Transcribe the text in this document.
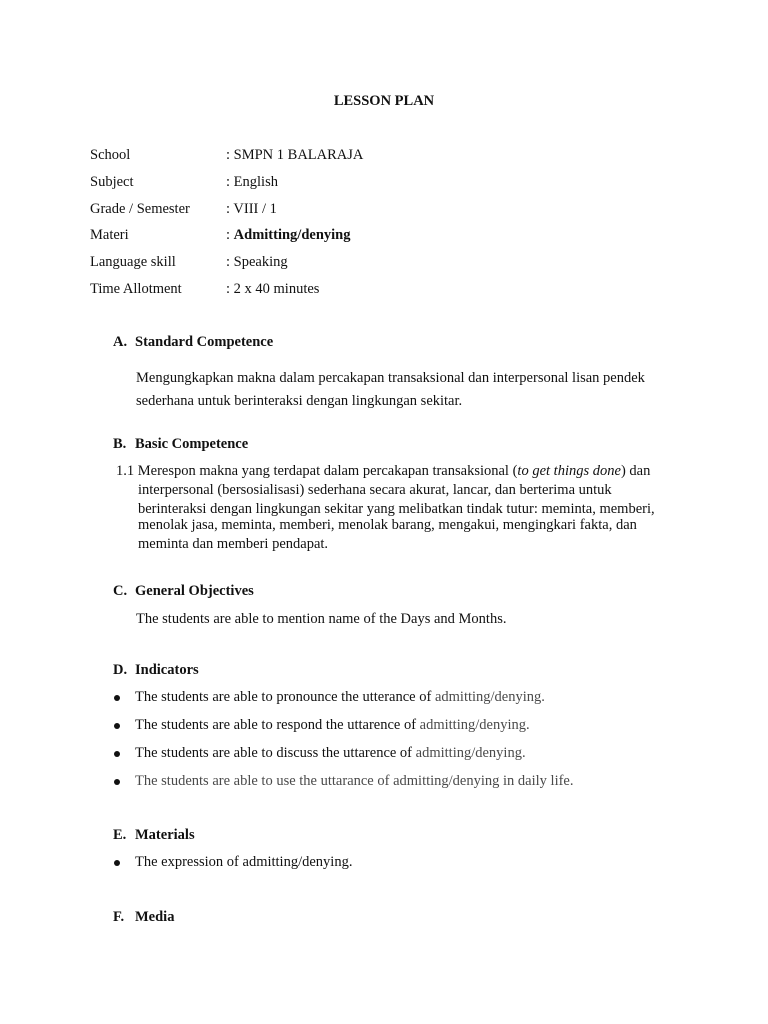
LESSON PLAN
School	: SMPN 1 BALARAJA
Subject	: English
Grade / Semester : VIII / 1
Materi	: Admitting/denying
Language skill	: Speaking
Time Allotment	: 2 x 40 minutes
A. Standard Competence
Mengungkapkan makna dalam percakapan transaksional dan interpersonal lisan pendek
sederhana untuk berinteraksi dengan lingkungan sekitar.
B. Basic Competence
1.1 Merespon makna yang terdapat dalam percakapan transaksional (to get things done) dan
interpersonal (bersosialisasi) sederhana secara akurat, lancar, dan berterima untuk
berinteraksi dengan lingkungan sekitar yang melibatkan tindak tutur: meminta, memberi,
menolak jasa, meminta, memberi, menolak barang, mengakui, mengingkari fakta, dan
meminta dan memberi pendapat.
C. General Objectives
The students are able to mention name of the Days and Months.
D. Indicators
The students are able to pronounce the utterance of admitting/denying.
The students are able to respond the uttarence of admitting/denying.
The students are able to discuss the uttarence of admitting/denying.
The students are able to use the uttarance of admitting/denying in daily life.
E. Materials
The expression of admitting/denying.
F. Media
